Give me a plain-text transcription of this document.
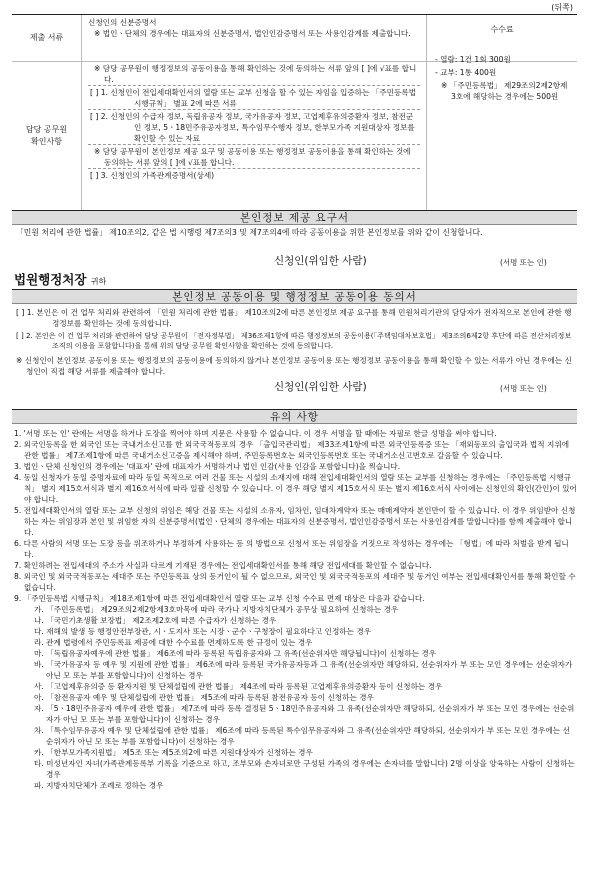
(뒤쪽)
제출 서류

신청인의 신분증명서

※ 법인ㆍ단체의 경우에는 대표자의 신분증명서, 법인인감증명서 또는 사용인감계를 제출합니다.

담당 공무원
확인사항

※ 담당 공무원이 행정정보의 공동이용을 통해 확인하는 것에 동의하는 서류 앞의 [ ]에 √표를 합니다.

[ ] 1. 신청인이 전입세대확인서의 열람 또는 교부 신청을 할 수 있는 자임을 입증하는 「주민등록법 시행규칙」 별표 2에 따른 서류

[ ] 2. 신청인의 수급자 정보, 독립유공자 정보, 국가유공자 정보, 고엽제후유의증환자 정보, 참전군인 정보, 5ㆍ18민주유공자정보, 특수임무수행자 정보, 한부모가족 지원대상자 정보를 확인할 수 있는 자료

※ 담당 공무원이 본인정보 제공 요구 및 공동이용 또는 행정정보 공동이용을 통해 확인하는 것에 동의하는 서류 앞의 [ ]에 √표를 합니다.

[ ] 3. 신청인의 가족관계증명서(상세)

수수료

- 열람: 1건 1회 300원

- 교부: 1통 400원

※ 「주민등록법」 제29조의2제2항제3호에 해당하는 경우에는 500원

본인정보 제공 요구서
「민원 처리에 관한 법률」 제10조의2, 같은 법 시행령 제7조의3 및 제7조의4에 따라 공동이용을 위한 본인정보를 위와 같이 신청합니다.
신청인(위임한 사람)	(서명 또는 인)
법원행정처장 귀하
본인정보 공동이용 및 행정정보 공동이용 동의서
[ ] 1. 본인은 이 건 업무 처리와 관련하여 「민원 처리에 관한 법률」 제10조의2에 따른 본인정보 제공 요구를 통해 민원처리기관의 담당자가 전자적으로 본인에 관한 행정정보를 확인하는 것에 동의합니다.
[ ] 2. 본인은 이 건 업무 처리와 관련하여 담당 공무원이 「전자정부법」 제36조제1항에 따른 행정정보의 공동이용(「주택임대차보호법」 제3조의6제2항 후단에 따른 전산처리정보조직의 이용을 포함합니다)을 통해 위의 담당 공무원 확인사항을 확인하는 것에 동의합니다.
※ 신청인이 본인정보 공동이용 또는 행정정보의 공동이용에 동의하지 않거나 본인정보 공동이용 또는 행정정보 공동이용을 통해 확인할 수 있는 서류가 아닌 경우에는 신청인이 직접 해당 서류를 제출해야 합니다.
신청인(위임한 사람)	(서명 또는 인)
유의 사항

1. '서명 또는 인' 란에는 서명을 하거나 도장을 찍어야 하며 지문은 사용할 수 없습니다. 이 경우 서명을 할 때에는 자필로 한글 성명을 써야 합니다.

2. 외국인등록을 한 외국인 또는 국내거소신고를 한 외국국적동포의 경우 「출입국관리법」 제33조제1항에 따른 외국인등록증 또는 「재외동포의 출입국과 법적 지위에 관한 법률」 제7조제1항에 따른 국내거소신고증을 제시해야 하며, 주민등록번호는 외국인등록번호 또는 국내거소신고번호로 갈음할 수 있습니다.

3. 법인ㆍ단체 신청인의 경우에는 '대표자' 란에 대표자가 서명하거나 법인 인감(사용 인감을 포함합니다)을 찍습니다.

4. 동일 신청자가 동일 증명자료에 따라 동일 목적으로 여러 건물 또는 시설의 소재지에 대해 전입세대확인서의 열람 또는 교부를 신청하는 경우에는 「주민등록법 시행규칙」 별지 제15호서식과 별지 제16호서식에 따라 일괄 신청할 수 있습니다. 이 경우 해당 별지 제15호서식 또는 별지 제16호서식 사이에는 신청인의 확인(간인)이 있어야 합니다.

5. 전입세대확인서의 열람 또는 교부 신청의 위임은 해당 건물 또는 시설의 소유자, 임차인, 임대차계약자 또는 매매계약자 본인만이 할 수 있습니다. 이 경우 위임받아 신청하는 자는 위임장과 본인 및 위임한 자의 신분증명서(법인ㆍ단체의 경우에는 대표자의 신분증명서, 법인인감증명서 또는 사용인감계를 말합니다)를 함께 제출해야 합니다.

6. 다른 사람의 서명 또는 도장 등을 위조하거나 부정하게 사용하는 등 의 방법으로 신청서 또는 위임장을 거짓으로 작성하는 경우에는 「형법」에 따라 처벌을 받게 됩니다.

7. 확인하려는 전입세대의 주소가 사실과 다르게 기재된 경우에는 전입세대확인서를 통해 해당 전입세대를 확인할 수 없습니다.

8. 외국인 및 외국국적동포는 세대주 또는 주민등록표 상의 동거인이 될 수 없으므로, 외국인 및 외국국적동포의 세대주 및 동거인 여부는 전입세대확인서를 통해 확인할 수 없습니다.

9. 「주민등록법 시행규칙」 제18조제1항에 따른 전입세대확인서 열람 또는 교부 신청 수수료 면제 대상은 다음과 같습니다.

가. 「주민등록법」 제29조의2제2항제3호마목에 따라 국가나 지방자치단체가 공무상 필요하여 신청하는 경우

나. 「국민기초생활 보장법」 제2조제2호에 따른 수급자가 신청하는 경우

다. 재해의 발생 등 행정안전부장관, 시ㆍ도지사 또는 시장ㆍ군수ㆍ구청장이 필요하다고 인정하는 경우

라. 관계 법령에서 주민등록표 제공에 대한 수수료를 면제하도록 한 규정이 있는 경우

마. 「독립유공자예우에 관한 법률」 제6조에 따라 등록된 독립유공자와 그 유족(선순위자만 해당됩니다)이 신청하는 경우

바. 「국가유공자 등 예우 및 지원에 관한 법률」 제6조에 따라 등록된 국가유공자등과 그 유족(선순위자만 해당하되, 선순위자가 부 또는 모인 경우에는 선순위자가 아닌 모 또는 부를 포함합니다)이 신청하는 경우

사. 「고엽제후유의증 등 환자지원 및 단체설립에 관한 법률」 제4조에 따라 등록된 고엽제후유의증환자 등이 신청하는 경우

아. 「참전유공자 예우 및 단체설립에 관한 법률」 제5조에 따라 등록된 참전유공자 등이 신청하는 경우

자. 「5ㆍ18민주유공자 예우에 관한 법률」 제7조에 따라 등록 결정된 5ㆍ18민주유공자와 그 유족(선순위자만 해당하되, 선순위자가 부 또는 모인 경우에는 선순위자가 아닌 모 또는 부를 포함합니다)이 신청하는 경우

차. 「특수임무유공자 예우 및 단체설립에 관한 법률」 제6조에 따라 등록된 특수임무유공자와 그 유족(선순위자만 해당하되, 선순위자가 부 또는 모인 경우에는 선순위자가 아닌 모 또는 부를 포함합니다)이 신청하는 경우

카. 「한부모가족지원법」 제5조 또는 제5조의2에 따른 지원대상자가 신청하는 경우

타. 미성년자인 자녀(가족관계등록부 기록을 기준으로 하고, 조부모와 손자녀로만 구성된 가족의 경우에는 손자녀를 말합니다) 2명 이상을 양육하는 사람이 신청하는 경우

파. 지방자치단체가 조례로 정하는 경우
